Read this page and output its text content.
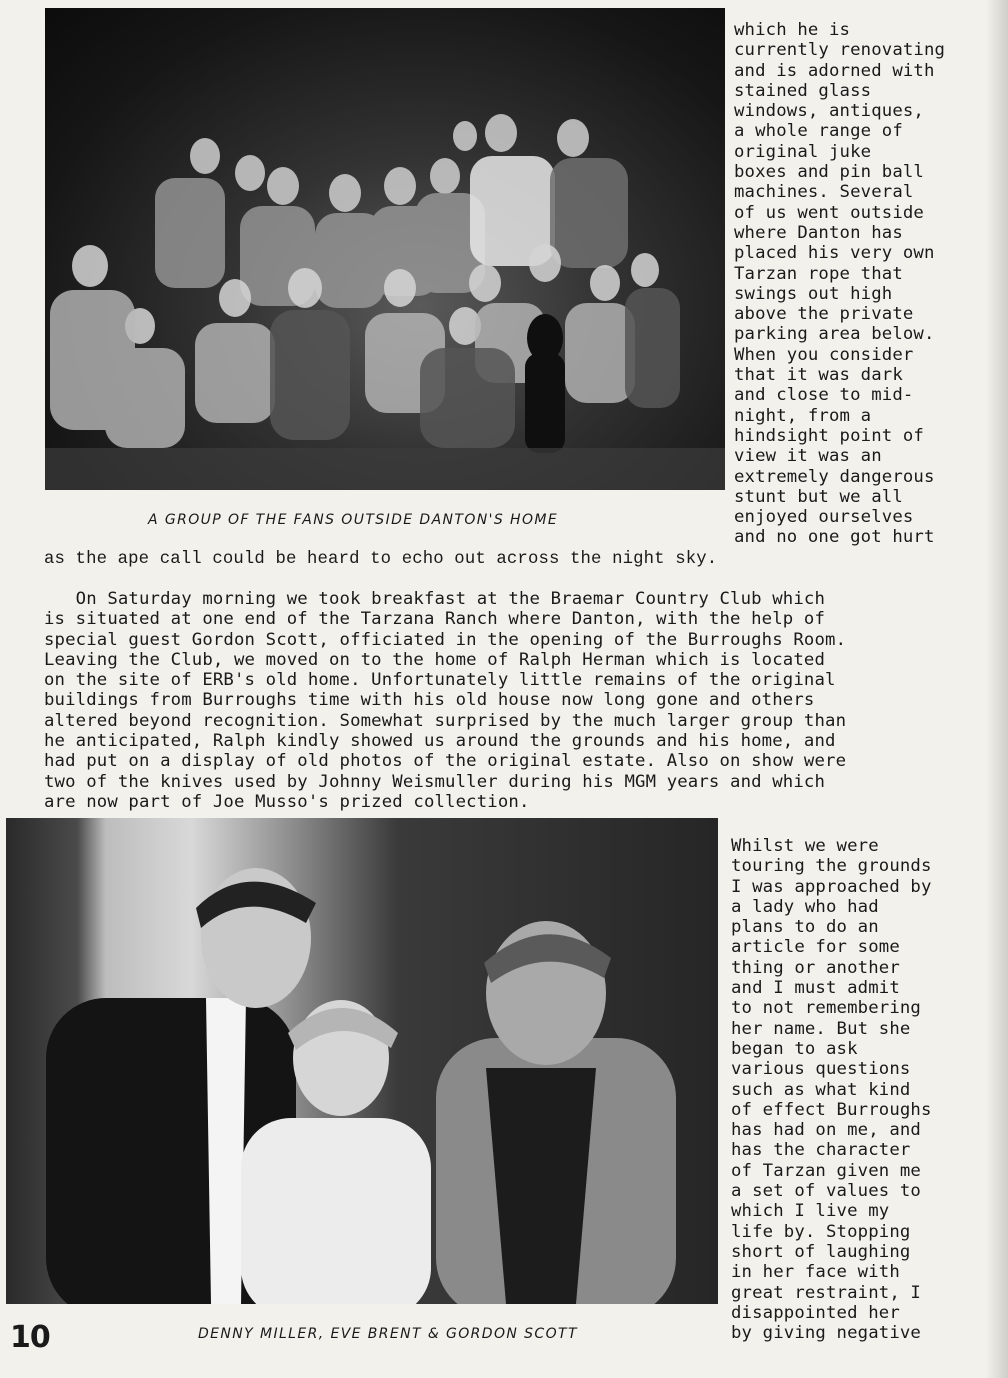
which he is
currently renovating
and is adorned with
stained glass
windows, antiques,
a whole range of
original juke
boxes and pin ball
machines. Several
of us went outside
where Danton has
placed his very own
Tarzan rope that
swings out high
above the private
parking area below.
When you consider
that it was dark
and close to mid-
night, from a
hindsight point of
view it was an
extremely dangerous
stunt but we all
enjoyed ourselves
and no one got hurt

A GROUP OF THE FANS OUTSIDE DANTON'S HOME

as the ape call could be heard to echo out across the night sky.

On Saturday morning we took breakfast at the Braemar Country Club which
is situated at one end of the Tarzana Ranch where Danton, with the help of
special guest Gordon Scott, officiated in the opening of the Burroughs Room.
Leaving the Club, we moved on to the home of Ralph Herman which is located
on the site of ERB's old home. Unfortunately little remains of the original
buildings from Burroughs time with his old house now long gone and others
altered beyond recognition. Somewhat surprised by the much larger group than
he anticipated, Ralph kindly showed us around the grounds and his home, and
had put on a display of old photos of the original estate. Also on show were
two of the knives used by Johnny Weismuller during his MGM years and which
are now part of Joe Musso's prized collection.
Whilst we were
touring the grounds
I was approached by
a lady who had
plans to do an
article for some
thing or another
and I must admit
to not remembering
her name. But she
began to ask
various questions
such as what kind
of effect Burroughs
has had on me, and
has the character
of Tarzan given me
a set of values to
which I live my
life by. Stopping
short of laughing
in her face with
great restraint, I
disappointed her
by giving negative

DENNY MILLER, EVE BRENT & GORDON SCOTT

10
